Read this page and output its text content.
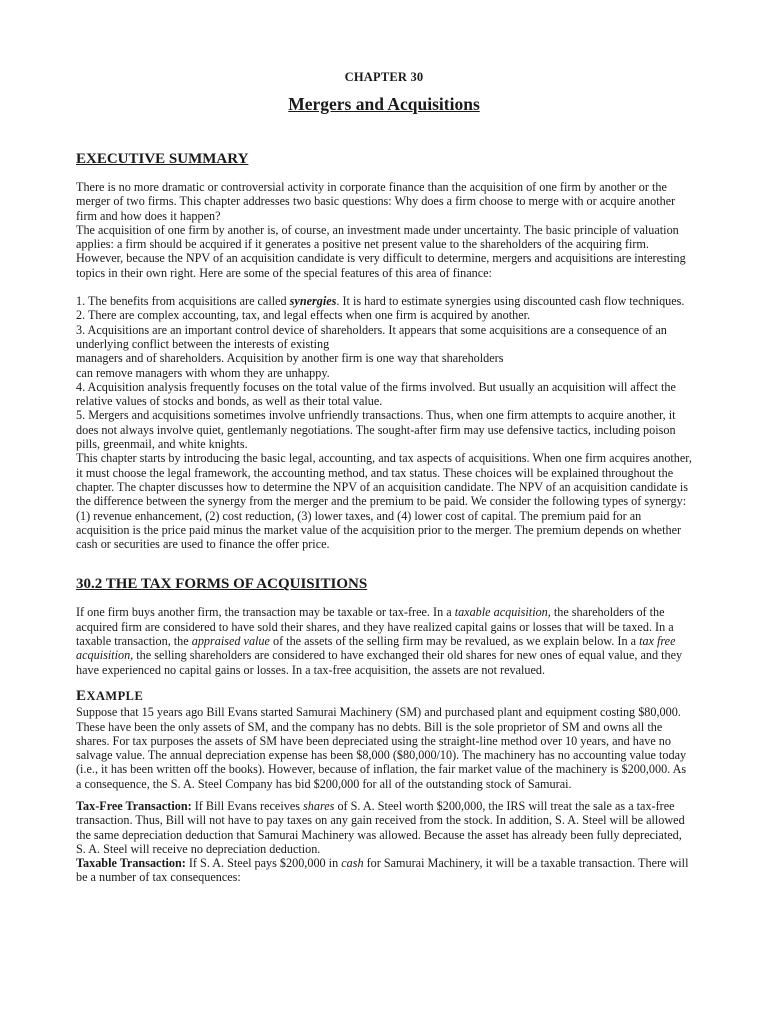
CHAPTER 30
Mergers and Acquisitions
EXECUTIVE SUMMARY

There is no more dramatic or controversial activity in corporate finance than the acquisition of one firm by another or the merger of two firms. This chapter addresses two basic questions: Why does a firm choose to merge with or acquire another firm and how does it happen?

The acquisition of one firm by another is, of course, an investment made under uncertainty. The basic principle of valuation applies: a firm should be acquired if it generates a positive net present value to the shareholders of the acquiring firm. However, because the NPV of an acquisition candidate is very difficult to determine, mergers and acquisitions are interesting topics in their own right. Here are some of the special features of this area of finance:

1. The benefits from acquisitions are called synergies. It is hard to estimate synergies using discounted cash flow techniques.

2. There are complex accounting, tax, and legal effects when one firm is acquired by another.

3. Acquisitions are an important control device of shareholders. It appears that some acquisitions are a consequence of an underlying conflict between the interests of existing

managers and of shareholders. Acquisition by another firm is one way that shareholders

can remove managers with whom they are unhappy.

4. Acquisition analysis frequently focuses on the total value of the firms involved. But usually an acquisition will affect the relative values of stocks and bonds, as well as their total value.

5. Mergers and acquisitions sometimes involve unfriendly transactions. Thus, when one firm attempts to acquire another, it does not always involve quiet, gentlemanly negotiations. The sought-after firm may use defensive tactics, including poison pills, greenmail, and white knights.

This chapter starts by introducing the basic legal, accounting, and tax aspects of acquisitions. When one firm acquires another, it must choose the legal framework, the accounting method, and tax status. These choices will be explained throughout the chapter. The chapter discusses how to determine the NPV of an acquisition candidate. The NPV of an acquisition candidate is the difference between the synergy from the merger and the premium to be paid. We consider the following types of synergy: (1) revenue enhancement, (2) cost reduction, (3) lower taxes, and (4) lower cost of capital. The premium paid for an acquisition is the price paid minus the market value of the acquisition prior to the merger. The premium depends on whether cash or securities are used to finance the offer price.

30.2 THE TAX FORMS OF ACQUISITIONS

If one firm buys another firm, the transaction may be taxable or tax-free. In a taxable acquisition, the shareholders of the acquired firm are considered to have sold their shares, and they have realized capital gains or losses that will be taxed. In a taxable transaction, the appraised value of the assets of the selling firm may be revalued, as we explain below. In a tax free acquisition, the selling shareholders are considered to have exchanged their old shares for new ones of equal value, and they have experienced no capital gains or losses. In a tax-free acquisition, the assets are not revalued.

EXAMPLE

Suppose that 15 years ago Bill Evans started Samurai Machinery (SM) and purchased plant and equipment costing $80,000. These have been the only assets of SM, and the company has no debts. Bill is the sole proprietor of SM and owns all the shares. For tax purposes the assets of SM have been depreciated using the straight-line method over 10 years, and have no salvage value. The annual depreciation expense has been $8,000 ($80,000/10). The machinery has no accounting value today (i.e., it has been written off the books). However, because of inflation, the fair market value of the machinery is $200,000. As a consequence, the S. A. Steel Company has bid $200,000 for all of the outstanding stock of Samurai.

Tax-Free Transaction: If Bill Evans receives shares of S. A. Steel worth $200,000, the IRS will treat the sale as a tax-free transaction. Thus, Bill will not have to pay taxes on any gain received from the stock. In addition, S. A. Steel will be allowed the same depreciation deduction that Samurai Machinery was allowed. Because the asset has already been fully depreciated, S. A. Steel will receive no depreciation deduction.

Taxable Transaction: If S. A. Steel pays $200,000 in cash for Samurai Machinery, it will be a taxable transaction. There will be a number of tax consequences:
